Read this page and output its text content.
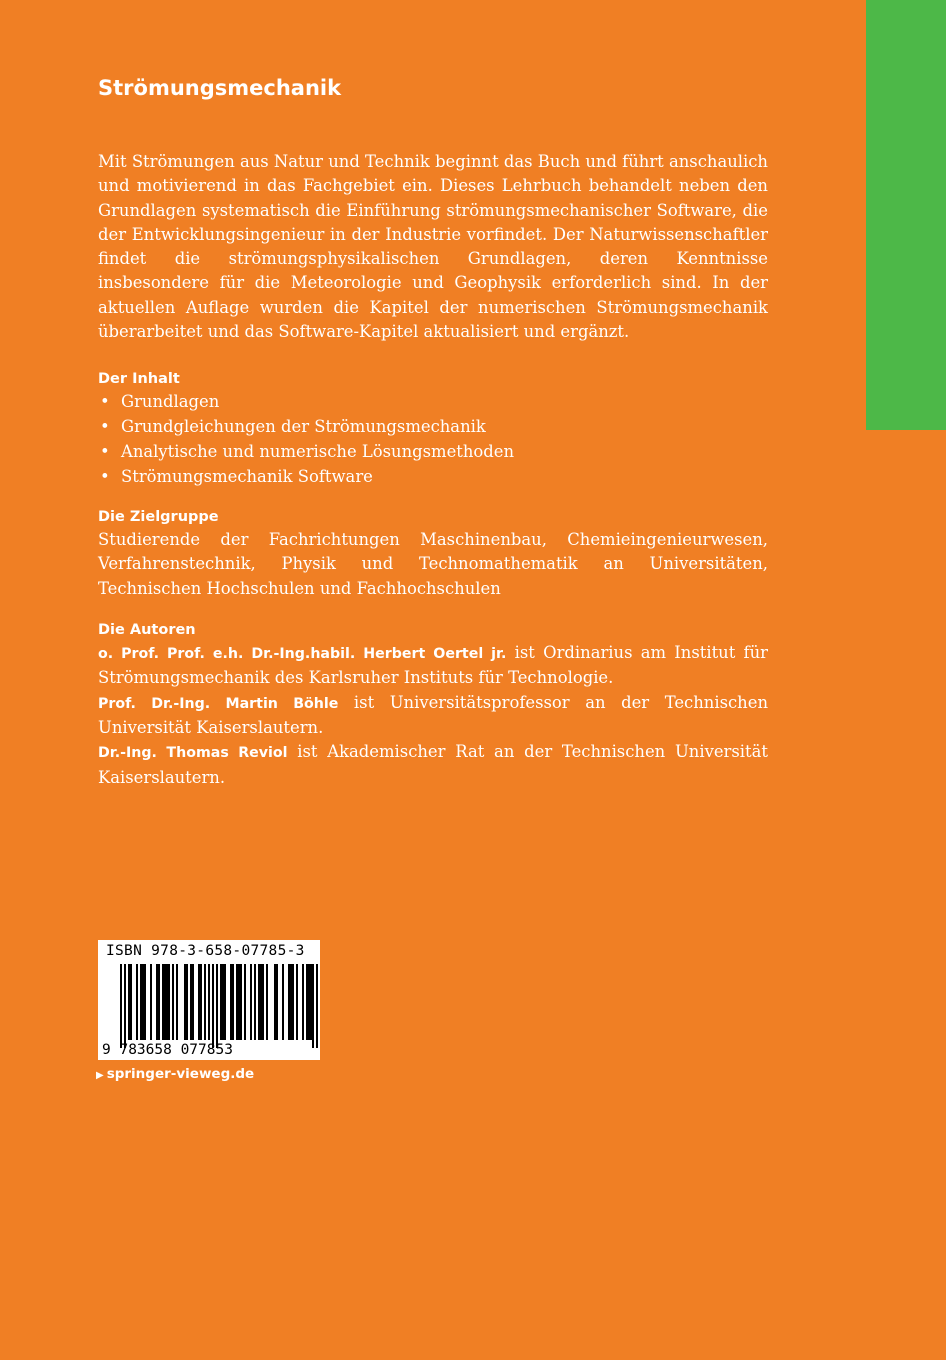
Strömungsmechanik

Mit Strömungen aus Natur und Technik beginnt das Buch und führt anschaulich und motivierend in das Fachgebiet ein. Dieses Lehrbuch behandelt neben den Grundlagen systematisch die Einführung strömungsmechanischer Software, die der Entwicklungsingenieur in der Industrie vorfindet. Der Naturwissenschaftler findet die strömungsphysikalischen Grundlagen, deren Kenntnisse insbesondere für die Meteorologie und Geophysik erforderlich sind. In der aktuellen Auflage wurden die Kapitel der numerischen Strömungsmechanik überarbeitet und das Software-Kapitel aktualisiert und ergänzt.

Der Inhalt
• Grundlagen
• Grundgleichungen der Strömungsmechanik
• Analytische und numerische Lösungsmethoden
• Strömungsmechanik Software
Die Zielgruppe

Studierende der Fachrichtungen Maschinenbau, Chemieingenieurwesen, Verfahrenstechnik, Physik und Technomathematik an Universitäten, Technischen Hochschulen und Fachhochschulen

Die Autoren

o. Prof. Prof. e.h. Dr.-Ing.habil. Herbert Oertel jr. ist Ordinarius am Institut für Strömungsmechanik des Karlsruher Instituts für Technologie.

Prof. Dr.-Ing. Martin Böhle ist Universitätsprofessor an der Technischen Universität Kaiserslautern.

Dr.-Ing. Thomas Reviol ist Akademischer Rat an der Technischen Universität Kaiserslautern.

ISBN 978-3-658-07785-3
9 783658 077853
▶ springer-vieweg.de
